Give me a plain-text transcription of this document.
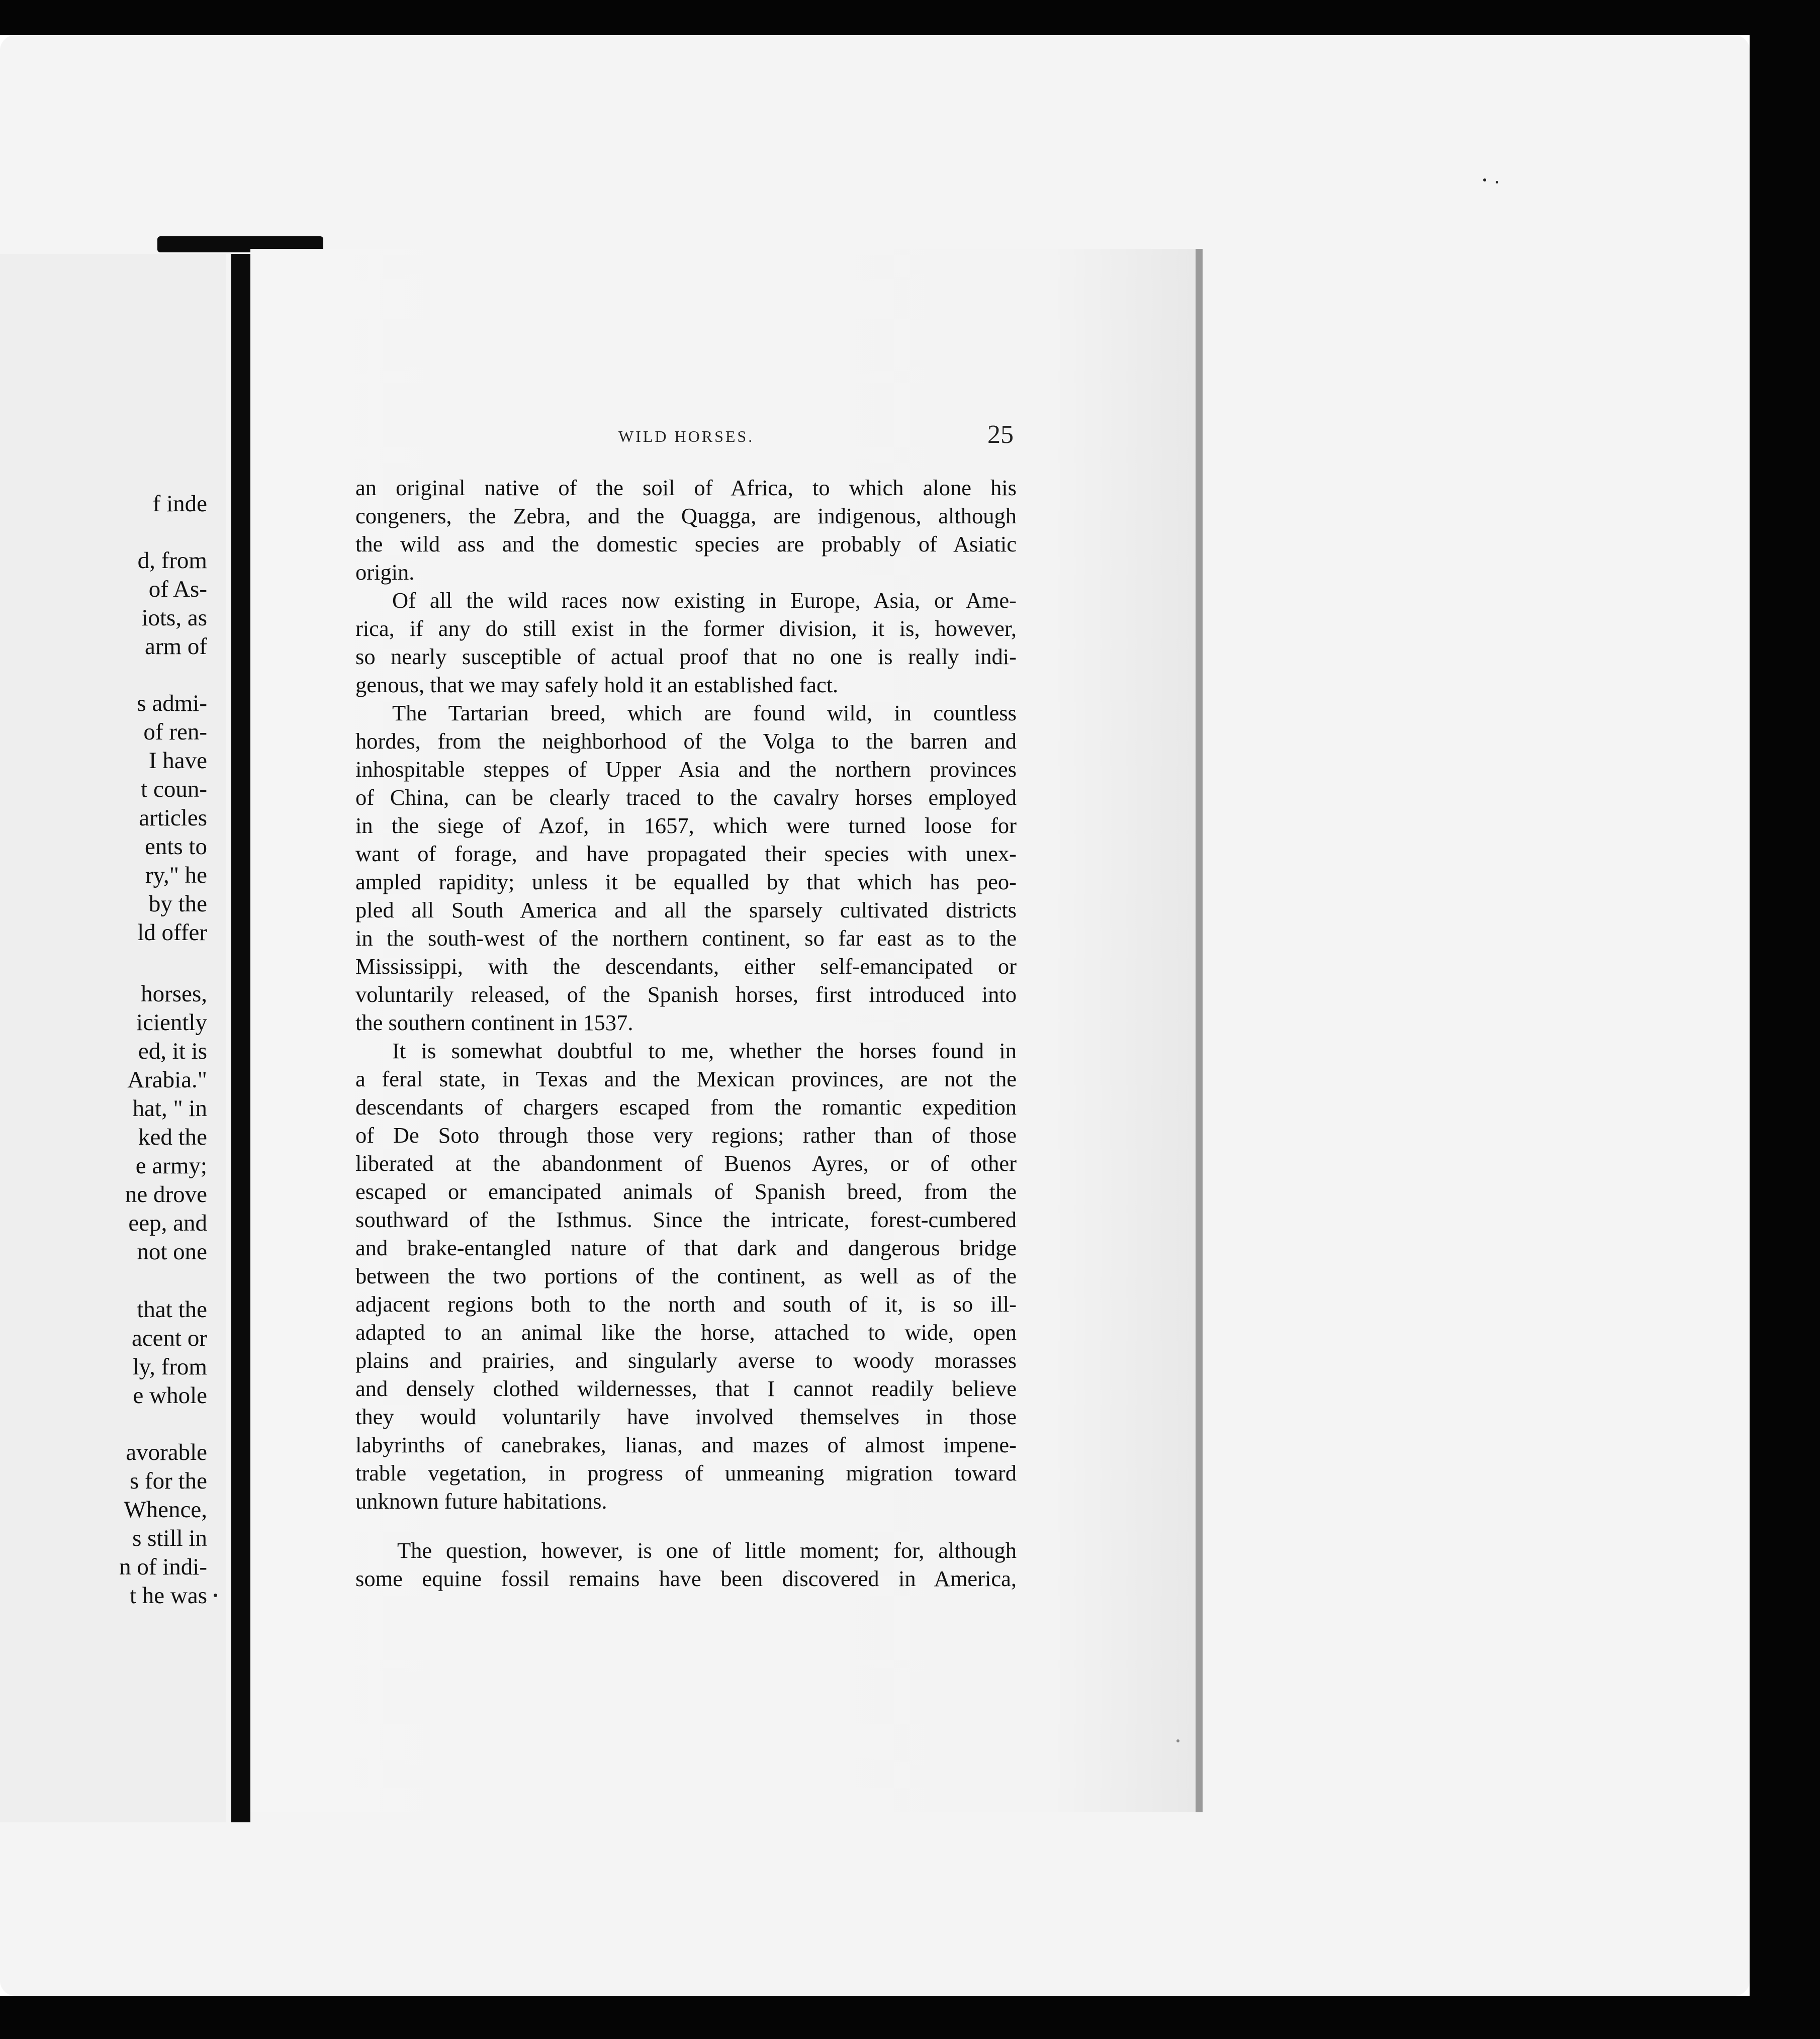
f inde
d, from
of As-
iots, as
arm of
s admi-
of ren-
I have
t coun-
articles
ents to
ry," he
by the
ld offer
horses,
iciently
ed, it is
Arabia."
hat, " in
ked the
e army;
ne drove
eep, and
not one
that the
acent or
ly, from
e whole
avorable
s for the
Whence,
s still in
n of indi-
t he was
WILD HORSES.	25
an original native of the soil of Africa, to which alone his
congeners, the Zebra, and the Quagga, are indigenous, although
the wild ass and the domestic species are probably of Asiatic
origin.
Of all the wild races now existing in Europe, Asia, or Ame-
rica, if any do still exist in the former division, it is, however,
so nearly susceptible of actual proof that no one is really indi-
genous, that we may safely hold it an established fact.
The Tartarian breed, which are found wild, in countless
hordes, from the neighborhood of the Volga to the barren and
inhospitable steppes of Upper Asia and the northern provinces
of China, can be clearly traced to the cavalry horses employed
in the siege of Azof, in 1657, which were turned loose for
want of forage, and have propagated their species with unex-
ampled rapidity; unless it be equalled by that which has peo-
pled all South America and all the sparsely cultivated districts
in the south-west of the northern continent, so far east as to the
Mississippi, with the descendants, either self-emancipated or
voluntarily released, of the Spanish horses, first introduced into
the southern continent in 1537.
It is somewhat doubtful to me, whether the horses found in
a feral state, in Texas and the Mexican provinces, are not the
descendants of chargers escaped from the romantic expedition
of De Soto through those very regions; rather than of those
liberated at the abandonment of Buenos Ayres, or of other
escaped or emancipated animals of Spanish breed, from the
southward of the Isthmus. Since the intricate, forest-cumbered
and brake-entangled nature of that dark and dangerous bridge
between the two portions of the continent, as well as of the
adjacent regions both to the north and south of it, is so ill-
adapted to an animal like the horse, attached to wide, open
plains and prairies, and singularly averse to woody morasses
and densely clothed wildernesses, that I cannot readily believe
they would voluntarily have involved themselves in those
labyrinths of canebrakes, lianas, and mazes of almost impene-
trable vegetation, in progress of unmeaning migration toward
unknown future habitations.
The question, however, is one of little moment; for, although
some equine fossil remains have been discovered in America,
